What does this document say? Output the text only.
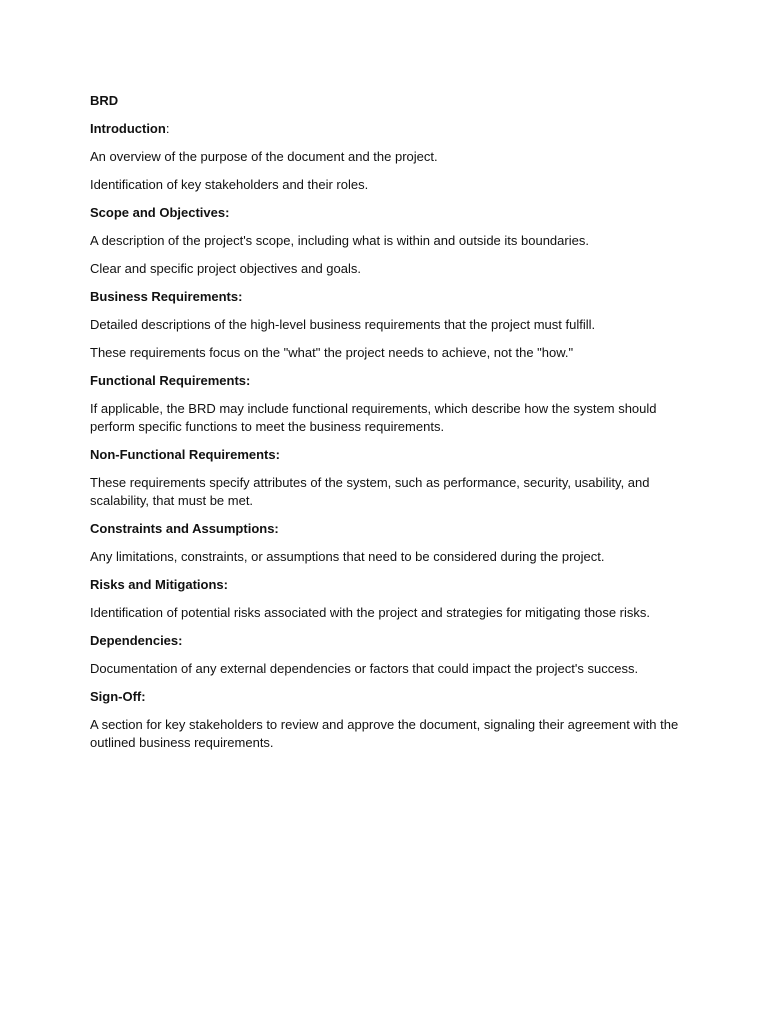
BRD

Introduction:

An overview of the purpose of the document and the project.

Identification of key stakeholders and their roles.

Scope and Objectives:

A description of the project's scope, including what is within and outside its boundaries.

Clear and specific project objectives and goals.

Business Requirements:

Detailed descriptions of the high-level business requirements that the project must fulfill.

These requirements focus on the "what" the project needs to achieve, not the "how."

Functional Requirements:

If applicable, the BRD may include functional requirements, which describe how the system should perform specific functions to meet the business requirements.

Non-Functional Requirements:

These requirements specify attributes of the system, such as performance, security, usability, and scalability, that must be met.

Constraints and Assumptions:

Any limitations, constraints, or assumptions that need to be considered during the project.

Risks and Mitigations:

Identification of potential risks associated with the project and strategies for mitigating those risks.

Dependencies:

Documentation of any external dependencies or factors that could impact the project's success.

Sign-Off:

A section for key stakeholders to review and approve the document, signaling their agreement with the outlined business requirements.
